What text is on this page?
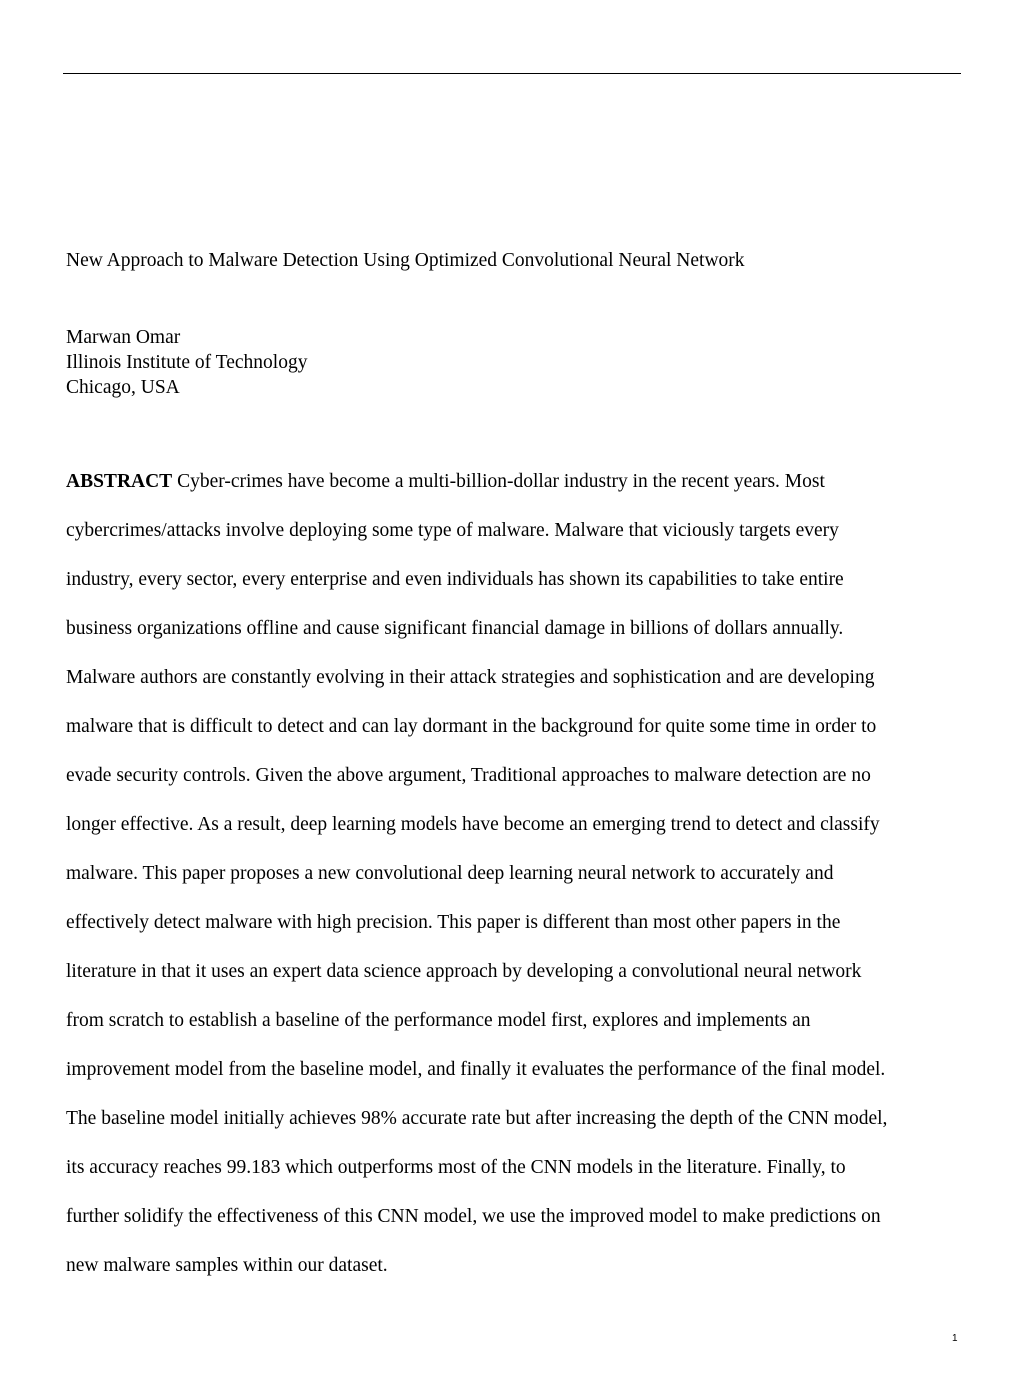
New Approach to Malware Detection Using Optimized Convolutional Neural Network
Marwan Omar
Illinois Institute of Technology
Chicago, USA
ABSTRACT Cyber-crimes have become a multi-billion-dollar industry in the recent years. Most
cybercrimes/attacks involve deploying some type of malware. Malware that viciously targets every
industry, every sector, every enterprise and even individuals has shown its capabilities to take entire
business organizations offline and cause significant financial damage in billions of dollars annually.
Malware authors are constantly evolving in their attack strategies and sophistication and are developing
malware that is difficult to detect and can lay dormant in the background for quite some time in order to
evade security controls. Given the above argument, Traditional approaches to malware detection are no
longer effective. As a result, deep learning models have become an emerging trend to detect and classify
malware. This paper proposes a new convolutional deep learning neural network to accurately and
effectively detect malware with high precision. This paper is different than most other papers in the
literature in that it uses an expert data science approach by developing a convolutional neural network
from scratch to establish a baseline of the performance model first, explores and implements an
improvement model from the baseline model, and finally it evaluates the performance of the final model.
The baseline model initially achieves 98% accurate rate but after increasing the depth of the CNN model,
its accuracy reaches 99.183 which outperforms most of the CNN models in the literature. Finally, to
further solidify the effectiveness of this CNN model, we use the improved model to make predictions on
new malware samples within our dataset.
1
